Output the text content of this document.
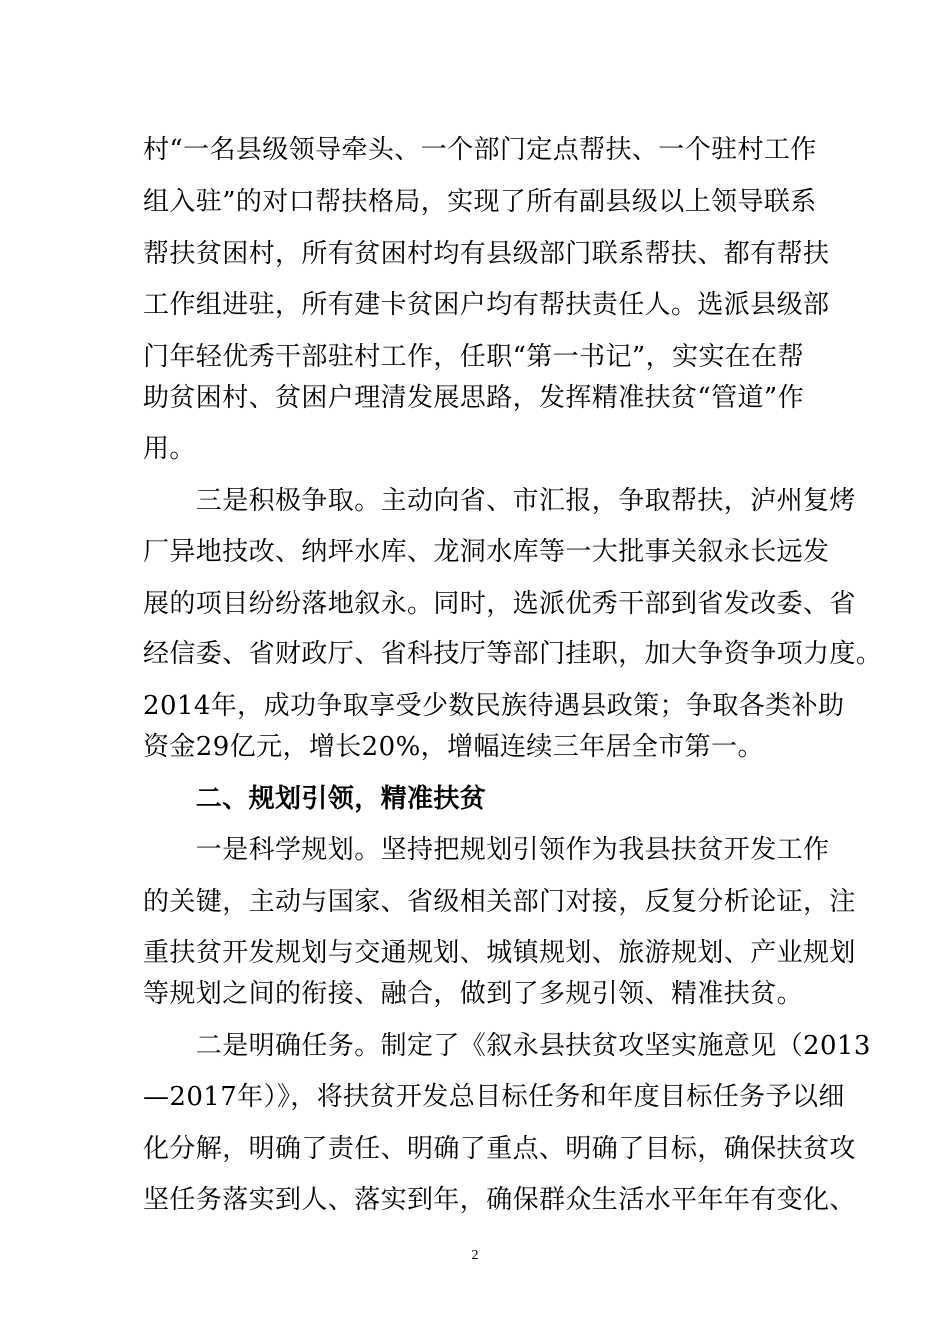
村“一名县级领导牵头、一个部门定点帮扶、一个驻村工作
组入驻”的对口帮扶格局，实现了所有副县级以上领导联系
帮扶贫困村，所有贫困村均有县级部门联系帮扶、都有帮扶
工作组进驻，所有建卡贫困户均有帮扶责任人。选派县级部
门年轻优秀干部驻村工作，任职“第一书记”，实实在在帮
助贫困村、贫困户理清发展思路，发挥精准扶贫“管道”作
用。
　　三是积极争取。主动向省、市汇报，争取帮扶，泸州复烤
厂异地技改、纳坪水库、龙洞水库等一大批事关叙永长远发
展的项目纷纷落地叙永。同时，选派优秀干部到省发改委、省
经信委、省财政厅、省科技厅等部门挂职，加大争资争项力度。
2014年，成功争取享受少数民族待遇县政策；争取各类补助
资金29亿元，增长20%，增幅连续三年居全市第一。
　　二、规划引领，精准扶贫
　　一是科学规划。坚持把规划引领作为我县扶贫开发工作
的关键，主动与国家、省级相关部门对接，反复分析论证，注
重扶贫开发规划与交通规划、城镇规划、旅游规划、产业规划
等规划之间的衔接、融合，做到了多规引领、精准扶贫。
　　二是明确任务。制定了《叙永县扶贫攻坚实施意见（2013
—2017年）》，将扶贫开发总目标任务和年度目标任务予以细
化分解，明确了责任、明确了重点、明确了目标，确保扶贫攻
坚任务落实到人、落实到年，确保群众生活水平年年有变化、
2
